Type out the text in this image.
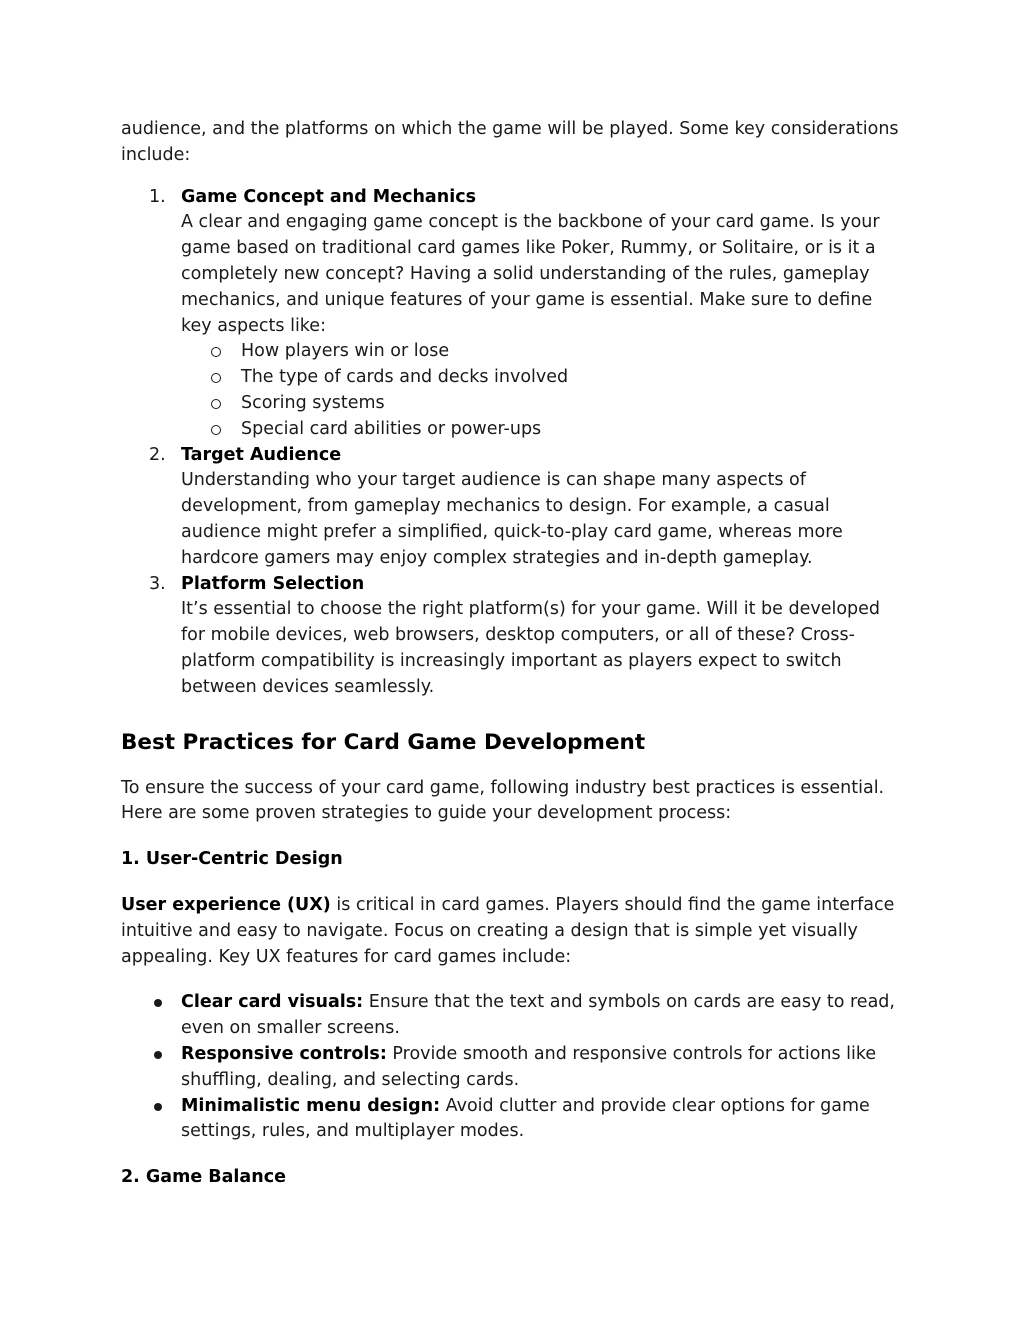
audience, and the platforms on which the game will be played. Some key considerations include:

1. Game Concept and Mechanics
A clear and engaging game concept is the backbone of your card game. Is your game based on traditional card games like Poker, Rummy, or Solitaire, or is it a completely new concept? Having a solid understanding of the rules, gameplay mechanics, and unique features of your game is essential. Make sure to define key aspects like:
How players win or lose
The type of cards and decks involved
Scoring systems
Special card abilities or power-ups
2. Target Audience
Understanding who your target audience is can shape many aspects of development, from gameplay mechanics to design. For example, a casual audience might prefer a simplified, quick-to-play card game, whereas more hardcore gamers may enjoy complex strategies and in-depth gameplay.
3. Platform Selection
It’s essential to choose the right platform(s) for your game. Will it be developed for mobile devices, web browsers, desktop computers, or all of these? Cross-platform compatibility is increasingly important as players expect to switch between devices seamlessly.
Best Practices for Card Game Development

To ensure the success of your card game, following industry best practices is essential. Here are some proven strategies to guide your development process:

1. User-Centric Design

User experience (UX) is critical in card games. Players should find the game interface intuitive and easy to navigate. Focus on creating a design that is simple yet visually appealing. Key UX features for card games include:

Clear card visuals: Ensure that the text and symbols on cards are easy to read, even on smaller screens.
Responsive controls: Provide smooth and responsive controls for actions like shuffling, dealing, and selecting cards.
Minimalistic menu design: Avoid clutter and provide clear options for game settings, rules, and multiplayer modes.
2. Game Balance
